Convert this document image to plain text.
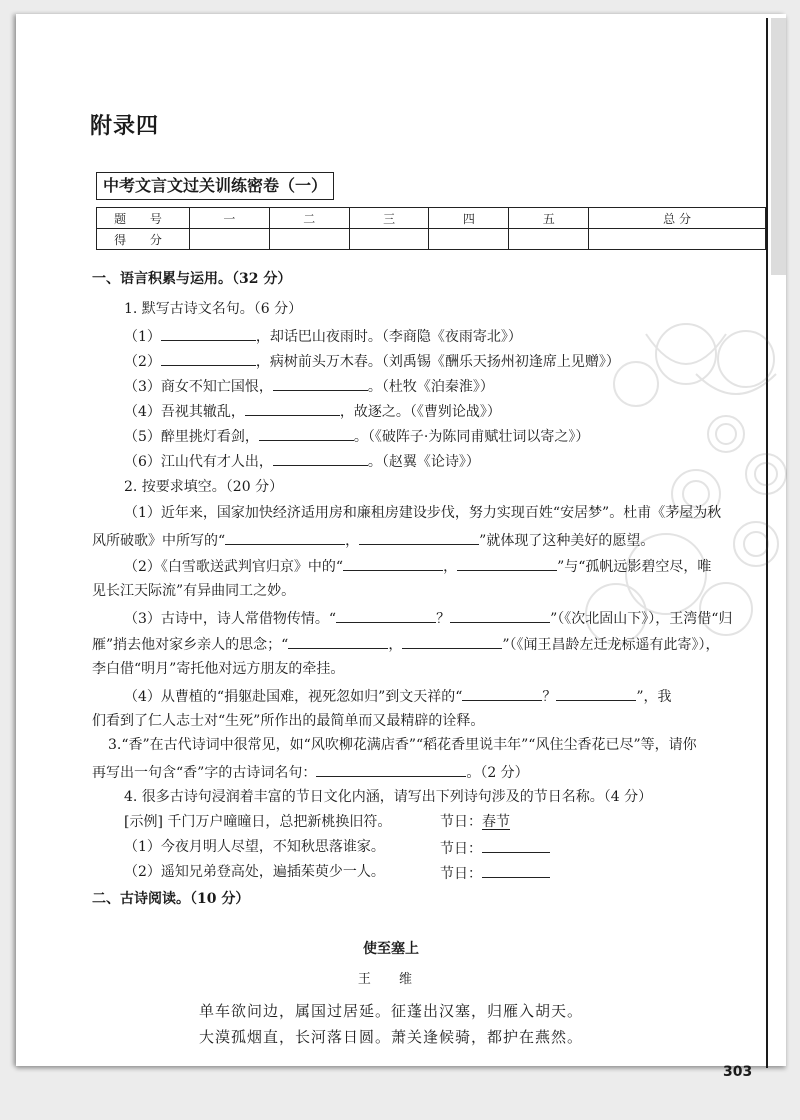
附录四
中考文言文过关训练密卷（一）
题 号	一	二	三	四	五	总 分
得 分						
一、语言积累与运用。（32 分）
1. 默写古诗文名句。（6 分）
（1）	，却话巴山夜雨时。（李商隐《夜雨寄北》）
（2）	，病树前头万木春。（刘禹锡《酬乐天扬州初逢席上见赠》）
（3）商女不知亡国恨，	。（杜牧《泊秦淮》）
（4）吾视其辙乱，	，故逐之。（《曹刿论战》）
（5）醉里挑灯看剑，	。（《破阵子·为陈同甫赋壮词以寄之》）
（6）江山代有才人出，	。（赵翼《论诗》）
2. 按要求填空。（20 分）
（1）近年来，国家加快经济适用房和廉租房建设步伐，努力实现百姓“安居梦”。杜甫《茅屋为秋
风所破歌》中所写的“	，	”就体现了这种美好的愿望。
（2）《白雪歌送武判官归京》中的“	，	”与“孤帆远影碧空尽，唯
见长江天际流”有异曲同工之妙。
（3）古诗中，诗人常借物传情。“	？	”（《次北固山下》），王湾借“归
雁”捎去他对家乡亲人的思念；“	，	”（《闻王昌龄左迁龙标遥有此寄》），
李白借“明月”寄托他对远方朋友的牵挂。
（4）从曹植的“捐躯赴国难，视死忽如归”到文天祥的“	？	”，我
们看到了仁人志士对“生死”所作出的最简单而又最精辟的诠释。
3.“香”在古代诗词中很常见，如“风吹柳花满店香”“稻花香里说丰年”“风住尘香花已尽”等，请你
再写出一句含“香”字的古诗词名句：	。（2 分）
4. 很多古诗句浸润着丰富的节日文化内涵，请写出下列诗句涉及的节日名称。（4 分）
[示例] 千门万户曈曈日，总把新桃换旧符。	节日：春节
（1）今夜月明人尽望，不知秋思落谁家。	节日：
（2）遥知兄弟登高处，遍插茱萸少一人。	节日：
二、古诗阅读。（10 分）
使至塞上
王 维
单车欲问边，属国过居延。征蓬出汉塞，归雁入胡天。
大漠孤烟直，长河落日圆。萧关逢候骑，都护在燕然。
303
